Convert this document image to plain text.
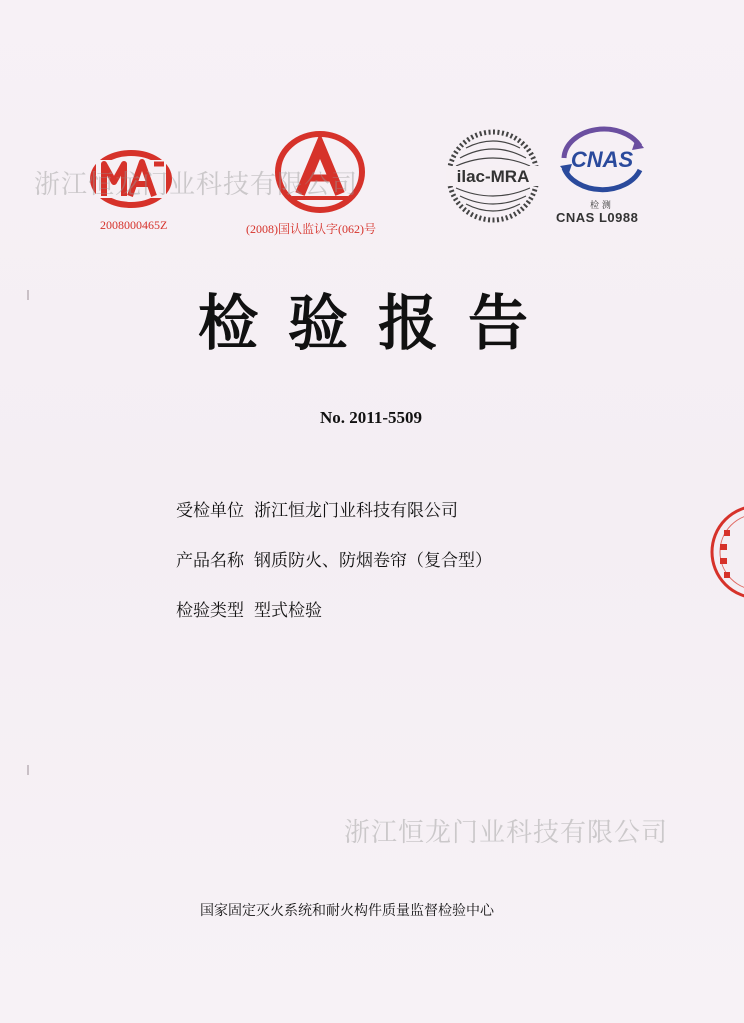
2008000465Z	(2008)国认监认字(062)号
ilac-MRA
CNAS
检 测
CNAS L0988
浙江恒龙门业科技有限公司
检验报告
No. 2011-5509
受检单位 浙江恒龙门业科技有限公司
产品名称 钢质防火、防烟卷帘（复合型）
检验类型 型式检验
浙江恒龙门业科技有限公司
国家固定灭火系统和耐火构件质量监督检验中心
